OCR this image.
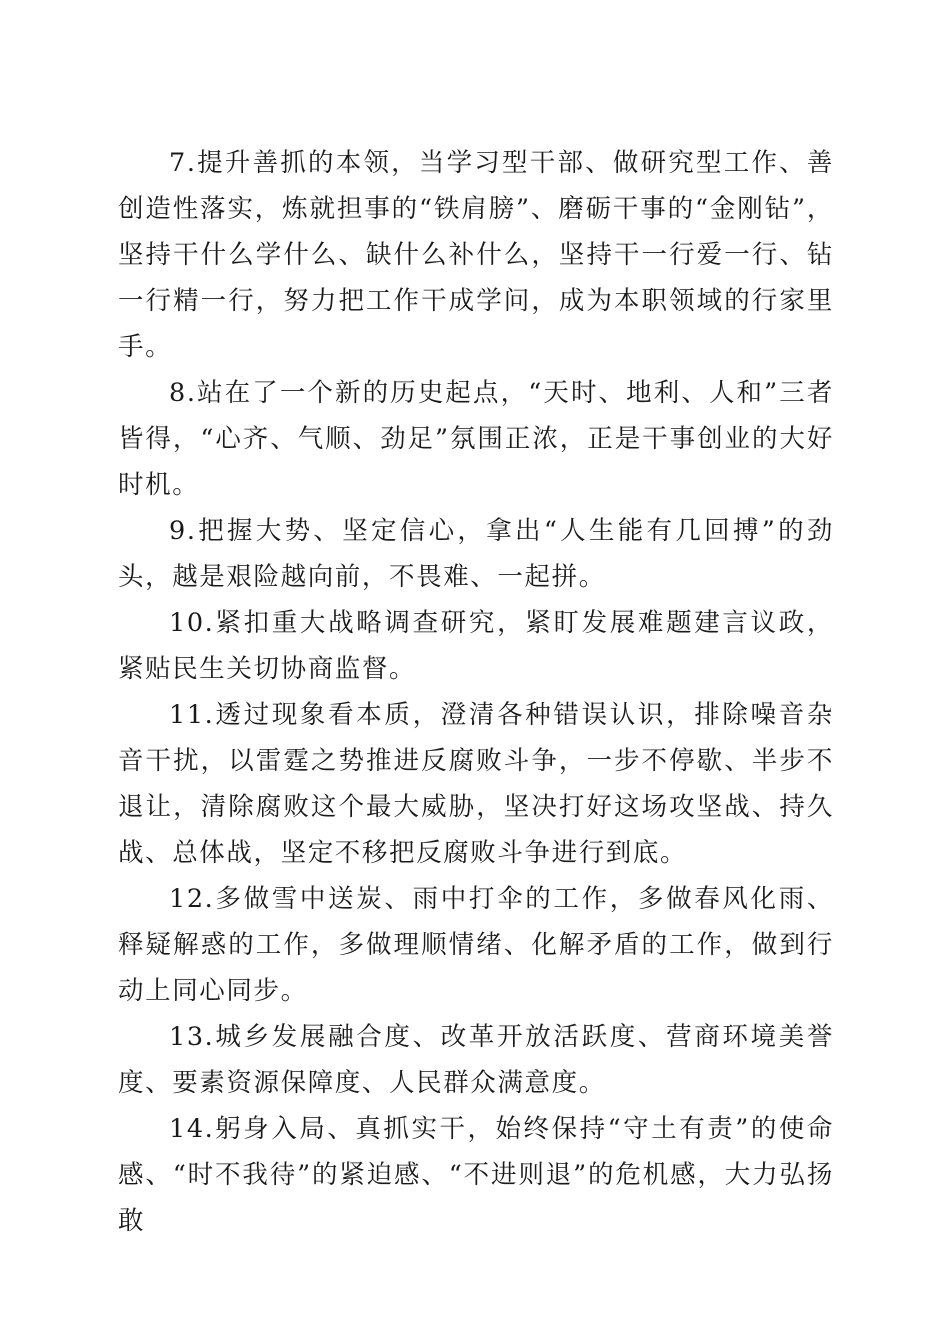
7.提升善抓的本领，当学习型干部、做研究型工作、善创造性落实，炼就担事的“铁肩膀”、磨砺干事的“金刚钻”，坚持干什么学什么、缺什么补什么，坚持干一行爱一行、钻一行精一行，努力把工作干成学问，成为本职领域的行家里手。

8.站在了一个新的历史起点，“天时、地利、人和”三者皆得，“心齐、气顺、劲足”氛围正浓，正是干事创业的大好时机。

9.把握大势、坚定信心，拿出“人生能有几回搏”的劲头，越是艰险越向前，不畏难、一起拼。

10.紧扣重大战略调查研究，紧盯发展难题建言议政，紧贴民生关切协商监督。

11.透过现象看本质，澄清各种错误认识，排除噪音杂音干扰，以雷霆之势推进反腐败斗争，一步不停歇、半步不退让，清除腐败这个最大威胁，坚决打好这场攻坚战、持久战、总体战，坚定不移把反腐败斗争进行到底。

12.多做雪中送炭、雨中打伞的工作，多做春风化雨、释疑解惑的工作，多做理顺情绪、化解矛盾的工作，做到行动上同心同步。

13.城乡发展融合度、改革开放活跃度、营商环境美誉度、要素资源保障度、人民群众满意度。

14.躬身入局、真抓实干，始终保持“守土有责”的使命感、“时不我待”的紧迫感、“不进则退”的危机感，大力弘扬敢
